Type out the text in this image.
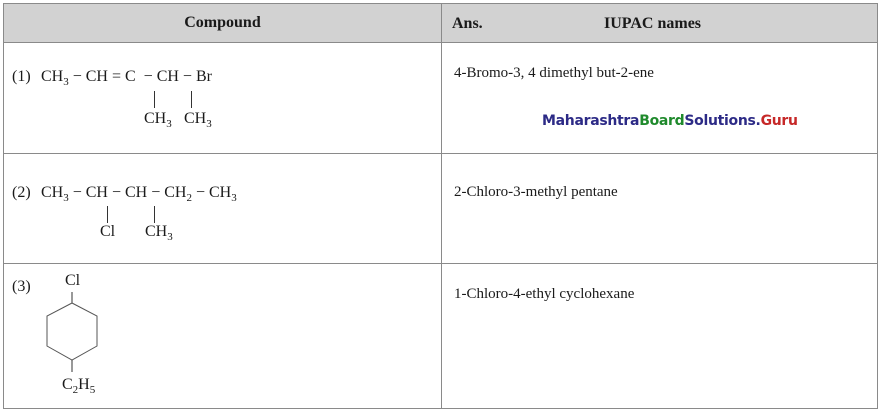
Compound	Ans. IUPAC names

(1) $CH_3$ − CH = C  − CH − Br
$CH_3$ $CH_3$	4-Bromo-3, 4 dimethyl but-2-ene
MaharashtraBoardSolutions.Guru

(2) $CH_3$ − CH − CH − $CH_2 - CH_3$
Cl $CH_3$	2-Chloro-3-methyl pentane

(3) Cl
$C_2H_5$	1-Chloro-4-ethyl cyclohexane
